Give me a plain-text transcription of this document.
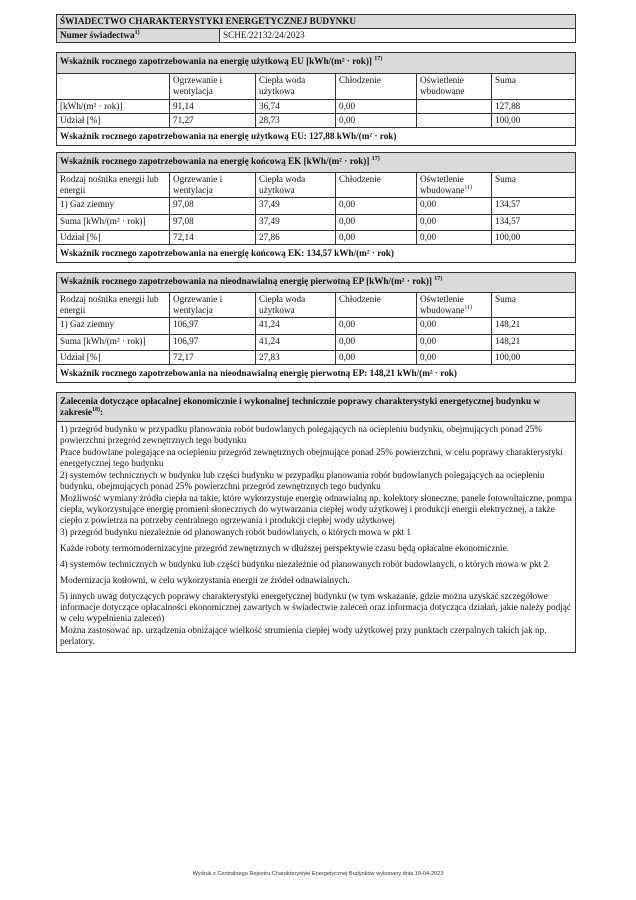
ŚWIADECTWO CHARAKTERYSTYKI ENERGETYCZNEJ BUDYNKU
Numer świadectwa$^{1)}$	SCHE/22132/24/2023
Wskaźnik rocznego zapotrzebowania na energię użytkową EU [kWh/(m² · rok)] $^{17)}$
	Ogrzewanie i wentylacja	Ciepła woda użytkowa	Chłodzenie	Oświetlenie wbudowane	Suma
[kWh/(m² · rok)]	91,14	36,74	0,00		127,88
Udział [%]	71,27	28,73	0,00		100,00
Wskaźnik rocznego zapotrzebowania na energię użytkową EU: 127,88 kWh/(m² · rok)					
Wskaźnik rocznego zapotrzebowania na energię końcową EK [kWh/(m² · rok)] $^{17)}$
Rodzaj nośnika energii lub energii	Ogrzewanie i wentylacja	Ciepła woda użytkowa	Chłodzenie	Oświetlenie wbudowane$^{11)}$	Suma
1) Gaz ziemny	97,08	37,49	0,00	0,00	134,57
Suma [kWh/(m² · rok)]	97,08	37,49	0,00	0,00	134,57
Udział [%]	72,14	27,86	0,00	0,00	100,00
Wskaźnik rocznego zapotrzebowania na energię końcową EK: 134,57 kWh/(m² · rok)					
Wskaźnik rocznego zapotrzebowania na nieodnawialną energię pierwotną EP [kWh/(m² · rok)] $^{17)}$
Rodzaj nośnika energii lub energii	Ogrzewanie i wentylacja	Ciepła woda użytkowa	Chłodzenie	Oświetlenie wbudowane$^{11)}$	Suma
1) Gaz ziemny	106,97	41,24	0,00	0,00	148,21
Suma [kWh/(m² · rok)]	106,97	41,24	0,00	0,00	148,21
Udział [%]	72,17	27,83	0,00	0,00	100,00
Wskaźnik rocznego zapotrzebowania na nieodnawialną energię pierwotną EP: 148,21 kWh/(m² · rok)					
Zalecenia dotyczące opłacalnej ekonomicznie i wykonalnej technicznie poprawy charakterystyki energetycznej budynku w zakresie$^{18)}$:

1) przegród budynku w przypadku planowania robót budowlanych polegających na ociepleniu budynku, obejmujących ponad 25% powierzchni przegród zewnętrznych tego budynku

Prace budowlane polegające na ociepleniu przegród zewnętrznych obejmujące ponad 25% powierzchni, w celu poprawy charakterystyki energetycznej tego budynku

2) systemów technicznych w budynku lub części budynku w przypadku planowania robót budowlanych polegających na ociepleniu budynku, obejmujących ponad 25% powierzchni przegród zewnętrznych tego budynku

Możliwość wymiany źródła ciepła na takie, które wykorzystuje energię odnawialną np. kolektory słoneczne, panele fotowoltaiczne, pompa ciepła, wykorzystujące energię promieni słonecznych do wytwarzania ciepłej wody użytkowej i produkcji energii elektrycznej, a także ciepło z powietrza na potrzeby centralnego ogrzewania i produkcji ciepłej wody użytkowej

3) przegród budynku niezależnie od planowanych robót budowlanych, o których mowa w pkt 1

Każde roboty termomodernizacyjne przegród zewnętrznych w dłuższej perspektywie czasu będą opłacalne ekonomicznie.

4) systemów technicznych w budynku lub części budynku niezależnie od planowanych robót budowlanych, o których mowa w pkt 2

Modernizacja kotłowni, w celu wykorzystania energii ze źródeł odnawialnych.

5) innych uwag dotyczących poprawy charakterystyki energetycznej budynku (w tym wskazanie, gdzie można uzyskać szczegółowe informacje dotyczące opłacalności ekonomicznej zawartych w świadectwie zaleceń oraz informacja dotycząca działań, jakie należy podjąć w celu wypełnienia zaleceń)

Można zastosować np. urządzenia obniżające wielkość strumienia ciepłej wody użytkowej przy punktach czerpalnych takich jak np. perlatory.

Wydruk z Centralnego Rejestru Charakterystyki Energetycznej Budynków wykonany dnia 19-04-2023
